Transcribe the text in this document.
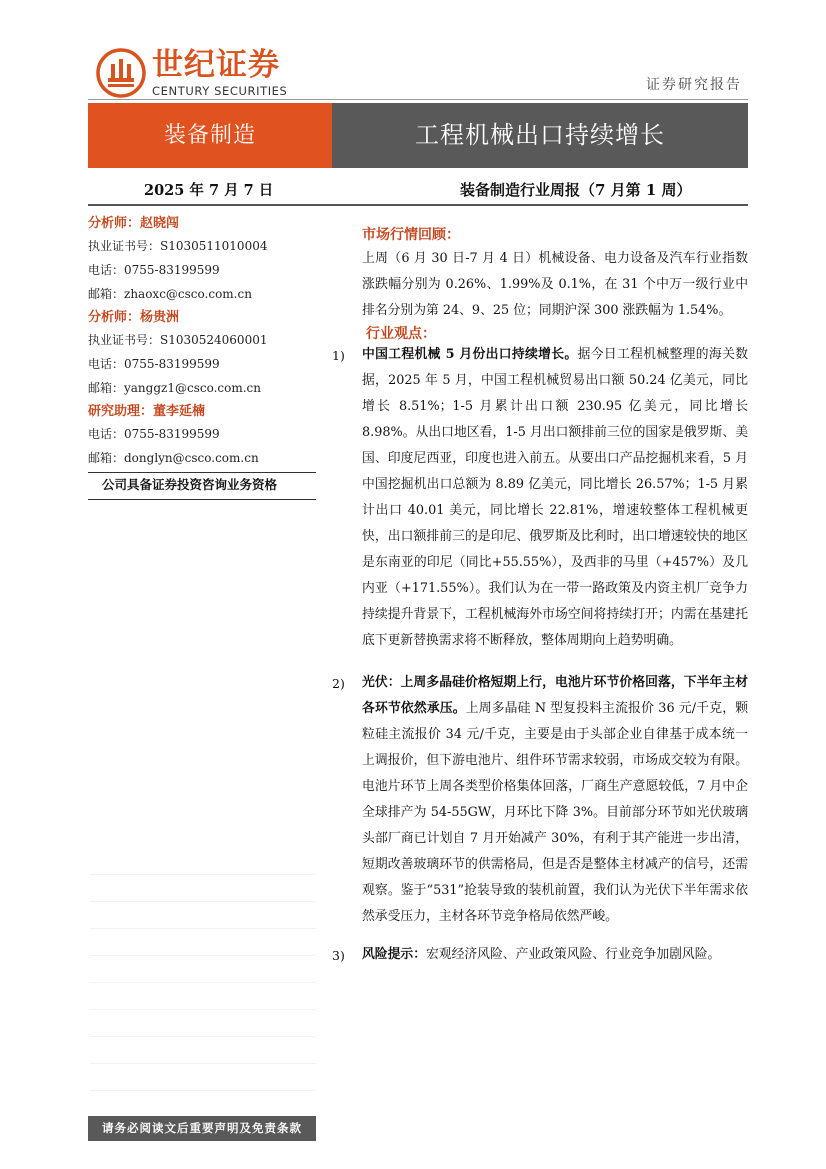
世纪证券
CENTURY SECURITIES	证券研究报告
装备制造	工程机械出口持续增长
2025 年 7 月 7 日	装备制造行业周报（7 月第 1 周）
分析师：赵晓闯
执业证书号：S1030511010004
电话：0755-83199599
邮箱：zhaoxc@csco.com.cn
分析师：杨贵洲
执业证书号：S1030524060001
电话：0755-83199599
邮箱：yanggz1@csco.com.cn
研究助理：董李延楠
电话：0755-83199599
邮箱：donglyn@csco.com.cn
公司具备证券投资咨询业务资格
请务必阅读文后重要声明及免责条款
市场行情回顾：
上周（6 月 30 日-7 月 4 日）机械设备、电力设备及汽车行业指数涨跌幅分别为 0.26%、1.99%及 0.1%，在 31 个中万一级行业中排名分别为第 24、9、25 位；同期沪深 300 涨跌幅为 1.54%。
行业观点：
1) 中国工程机械 5 月份出口持续增长。据今日工程机械整理的海关数据，2025 年 5 月，中国工程机械贸易出口额 50.24 亿美元，同比增长 8.51%；1-5 月累计出口额 230.95 亿美元，同比增长 8.98%。从出口地区看，1-5 月出口额排前三位的国家是俄罗斯、美国、印度尼西亚，印度也进入前五。从要出口产品挖掘机来看，5 月中国挖掘机出口总额为 8.89 亿美元，同比增长 26.57%；1-5 月累计出口 40.01 美元，同比增长 22.81%，增速较整体工程机械更快，出口额排前三的是印尼、俄罗斯及比利时，出口增速较快的地区是东南亚的印尼（同比+55.55%），及西非的马里（+457%）及几内亚（+171.55%）。我们认为在一带一路政策及内资主机厂竞争力持续提升背景下，工程机械海外市场空间将持续打开；内需在基建托底下更新替换需求将不断释放，整体周期向上趋势明确。
2) 光伏：上周多晶硅价格短期上行，电池片环节价格回落，下半年主材各环节依然承压。上周多晶硅 N 型复投料主流报价 36 元/千克，颗粒硅主流报价 34 元/千克，主要是由于头部企业自律基于成本统一上调报价，但下游电池片、组件环节需求较弱，市场成交较为有限。电池片环节上周各类型价格集体回落，厂商生产意愿较低，7 月中企全球排产为 54-55GW，月环比下降 3%。目前部分环节如光伏玻璃头部厂商已计划自 7 月开始减产 30%，有利于其产能进一步出清，短期改善玻璃环节的供需格局，但是否是整体主材减产的信号，还需观察。鉴于“531”抢装导致的装机前置，我们认为光伏下半年需求依然承受压力，主材各环节竞争格局依然严峻。
3) 风险提示：宏观经济风险、产业政策风险、行业竞争加剧风险。
